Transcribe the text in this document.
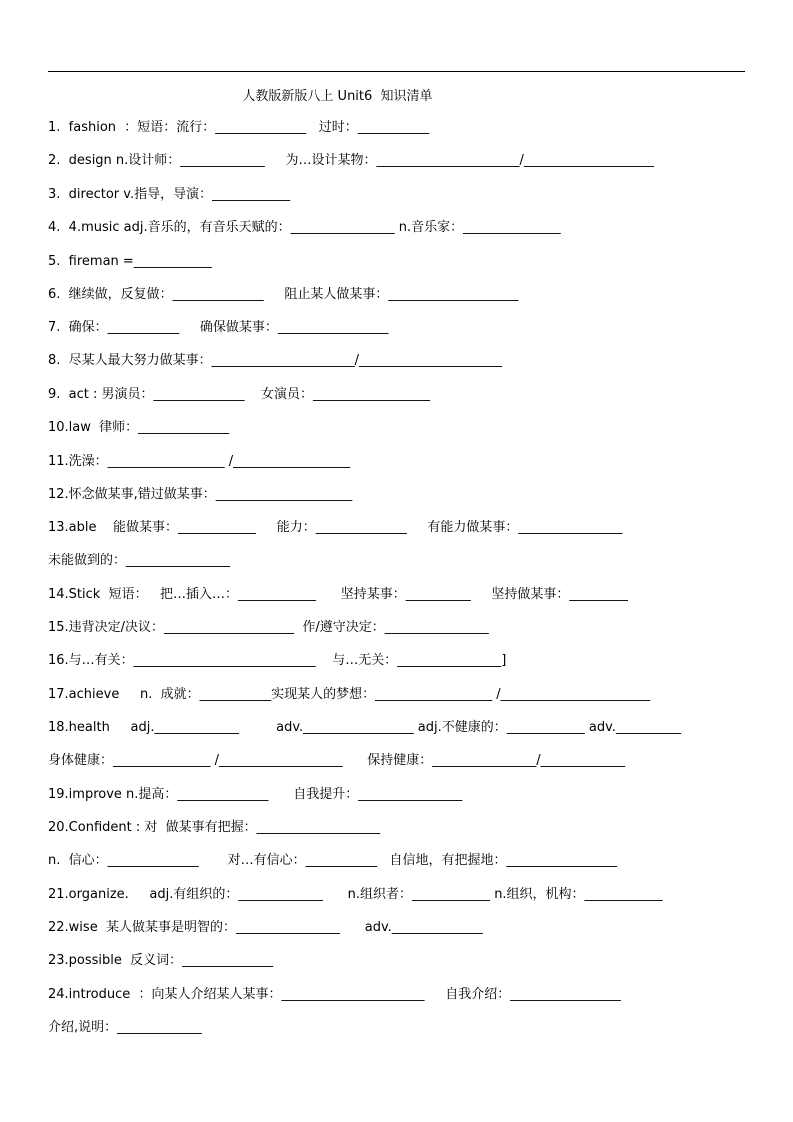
人教版新版八上 Unit6  知识清单
1.  fashion  ：短语：流行：______________   过时：___________
2.  design n.设计师：_____________     为…设计某物：______________________/____________________
3.  director v.指导，导演：____________
4.  4.music adj.音乐的，有音乐天赋的：________________ n.音乐家：_______________
5.  fireman =____________
6.  继续做，反复做：______________     阻止某人做某事：____________________
7.  确保：___________     确保做某事：_________________
8.  尽某人最大努力做某事：______________________/______________________
9.  act : 男演员：______________    女演员：__________________
10.law  律师：______________
11.洗澡：__________________ /__________________
12.怀念做某事,错过做某事：_____________________
13.able    能做某事：____________     能力：______________     有能力做某事：________________
未能做到的：________________
14.Stick  短语：   把…插入…：____________      坚持某事：__________     坚持做某事：_________
15.违背决定/决议：____________________  作/遵守决定：________________
16.与…有关：____________________________    与…无关：________________]
17.achieve     n.  成就：___________实现某人的梦想：__________________ /_______________________
18.health     adj._____________         adv._________________ adj.不健康的：____________ adv.__________
身体健康：_______________ /___________________      保持健康：________________/_____________
19.improve n.提高：______________      自我提升：________________
20.Confident : 对  做某事有把握：___________________
n.  信心：______________       对…有信心：___________   自信地，有把握地：_________________
21.organize.     adj.有组织的：_____________      n.组织者：____________ n.组织，机构：____________
22.wise  某人做某事是明智的：________________      adv.______________
23.possible  反义词：______________
24.introduce  ：向某人介绍某人某事：______________________     自我介绍：_________________
介绍,说明：_____________
